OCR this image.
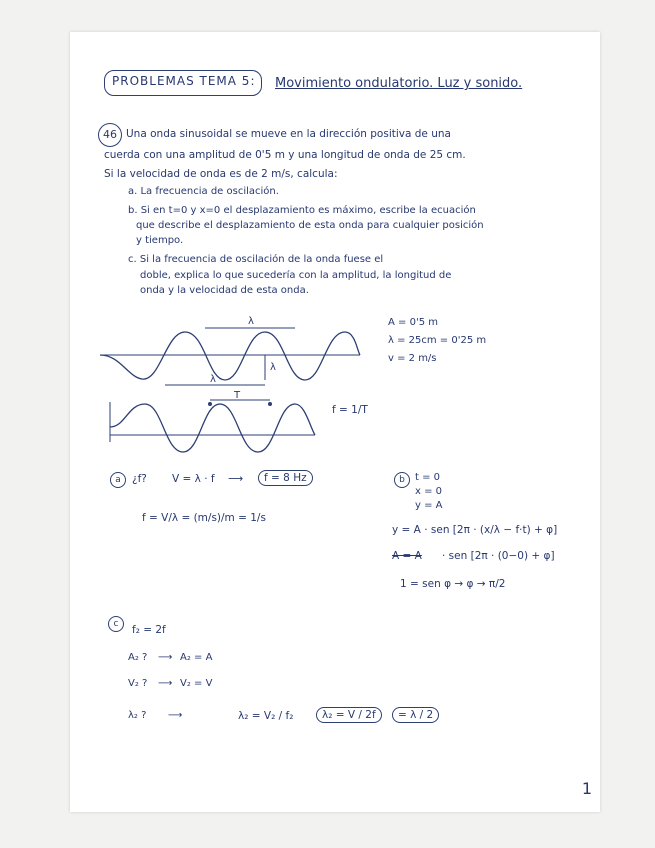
PROBLEMAS TEMA 5: Movimiento ondulatorio. Luz y sonido.
46 Una onda sinusoidal se mueve en la dirección positiva de una
cuerda con una amplitud de 0'5 m y una longitud de onda de 25 cm.
Si la velocidad de onda es de 2 m/s, calcula:
a. La frecuencia de oscilación.
b. Si en t=0 y x=0 el desplazamiento es máximo, escribe la ecuación
que describe el desplazamiento de esta onda para cualquier posición
y tiempo.
c. Si la frecuencia de oscilación de la onda fuese el
doble, explica lo que sucedería con la amplitud, la longitud de
onda y la velocidad de esta onda.
λ
λ
λ
T
f = 1/T
A = 0'5 m
λ = 25cm = 0'25 m
v = 2 m/s
a	¿f? V = λ · f ⟶	f = 8 Hz
f = V/λ = (m/s)/m = 1/s
b	t = 0
x = 0
y = A
y = A · sen [2π · (x/λ − f·t) + φ]
A = A · sen [2π · (0−0) + φ]
1 = sen φ → φ → π/2
c	f₂ = 2f
A₂ ? ⟶ A₂ = A
V₂ ? ⟶ V₂ = V
λ₂ ? ⟶	λ₂ = V₂ / f₂	λ₂ = V / 2f	= λ / 2
1
